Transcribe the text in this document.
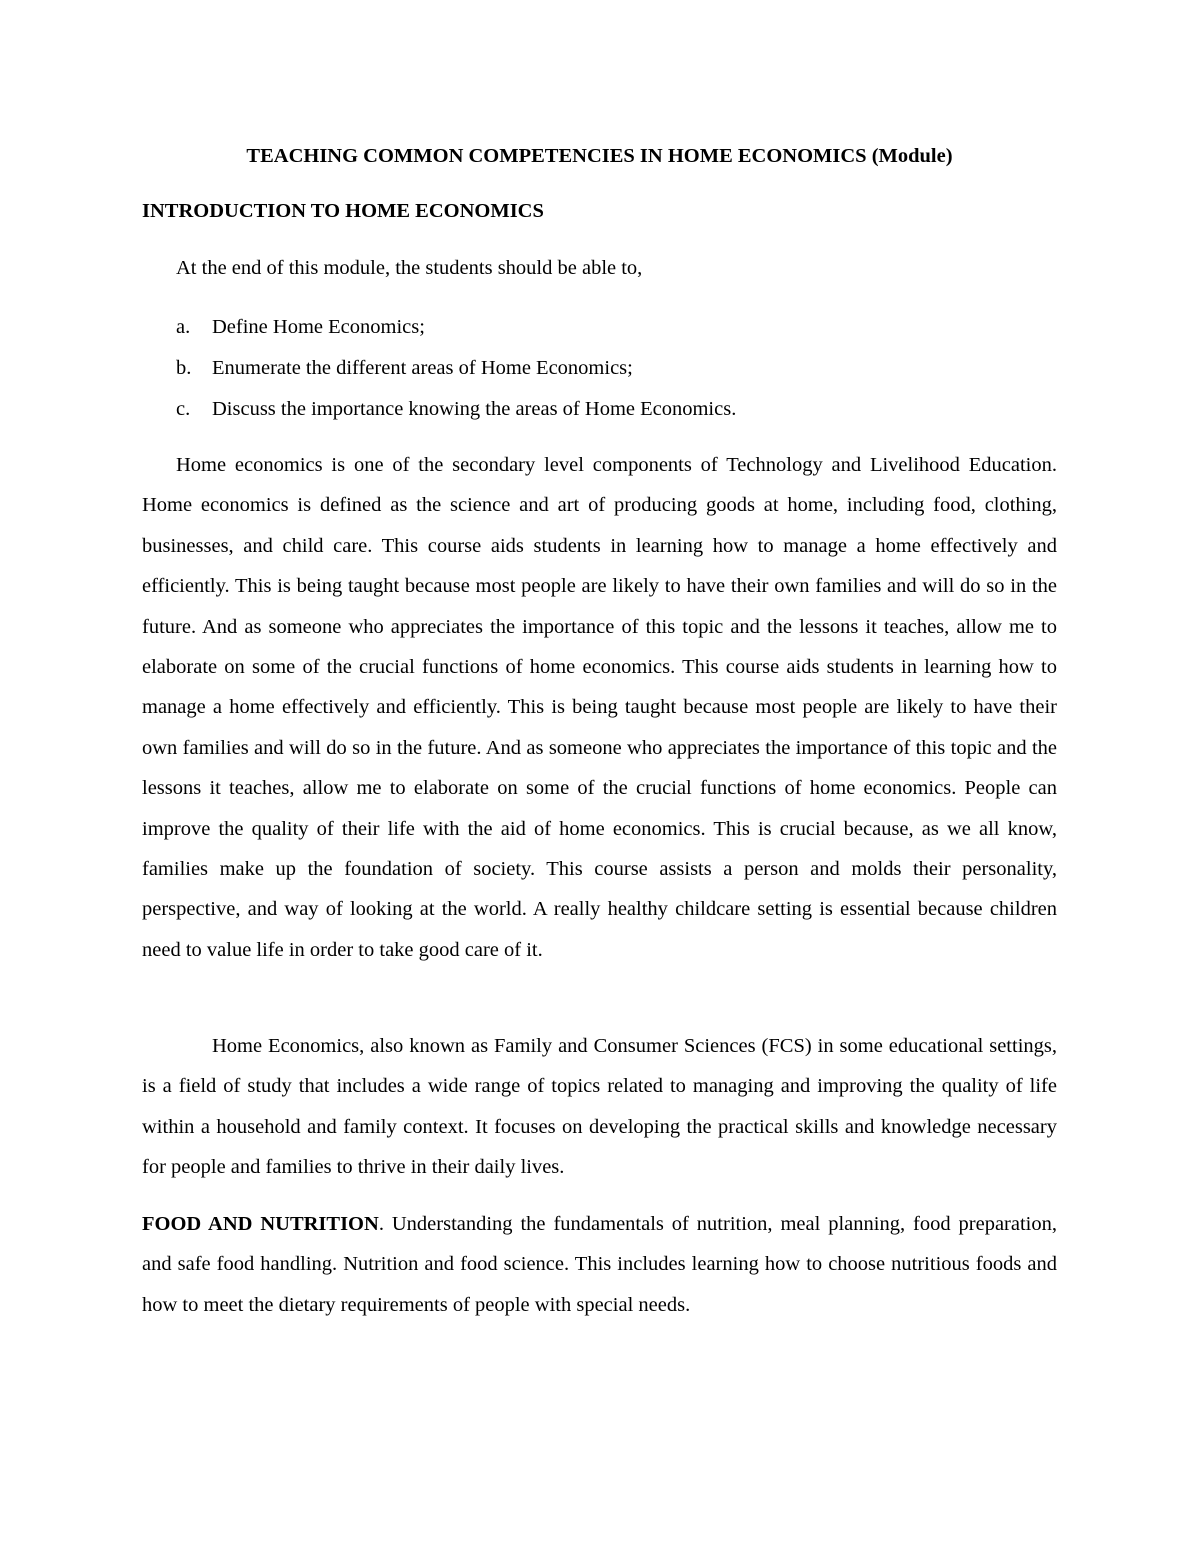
TEACHING COMMON COMPETENCIES IN HOME ECONOMICS (Module)
INTRODUCTION TO HOME ECONOMICS
At the end of this module, the students should be able to,
a. Define Home Economics;
b. Enumerate the different areas of Home Economics;
c. Discuss the importance knowing the areas of Home Economics.

Home economics is one of the secondary level components of Technology and Livelihood Education. Home economics is defined as the science and art of producing goods at home, including food, clothing, businesses, and child care. This course aids students in learning how to manage a home effectively and efficiently. This is being taught because most people are likely to have their own families and will do so in the future. And as someone who appreciates the importance of this topic and the lessons it teaches, allow me to elaborate on some of the crucial functions of home economics. This course aids students in learning how to manage a home effectively and efficiently. This is being taught because most people are likely to have their own families and will do so in the future. And as someone who appreciates the importance of this topic and the lessons it teaches, allow me to elaborate on some of the crucial functions of home economics. People can improve the quality of their life with the aid of home economics. This is crucial because, as we all know, families make up the foundation of society. This course assists a person and molds their personality, perspective, and way of looking at the world. A really healthy childcare setting is essential because children need to value life in order to take good care of it.

Home Economics, also known as Family and Consumer Sciences (FCS) in some educational settings, is a field of study that includes a wide range of topics related to managing and improving the quality of life within a household and family context. It focuses on developing the practical skills and knowledge necessary for people and families to thrive in their daily lives.

FOOD AND NUTRITION. Understanding the fundamentals of nutrition, meal planning, food preparation, and safe food handling. Nutrition and food science. This includes learning how to choose nutritious foods and how to meet the dietary requirements of people with special needs.
